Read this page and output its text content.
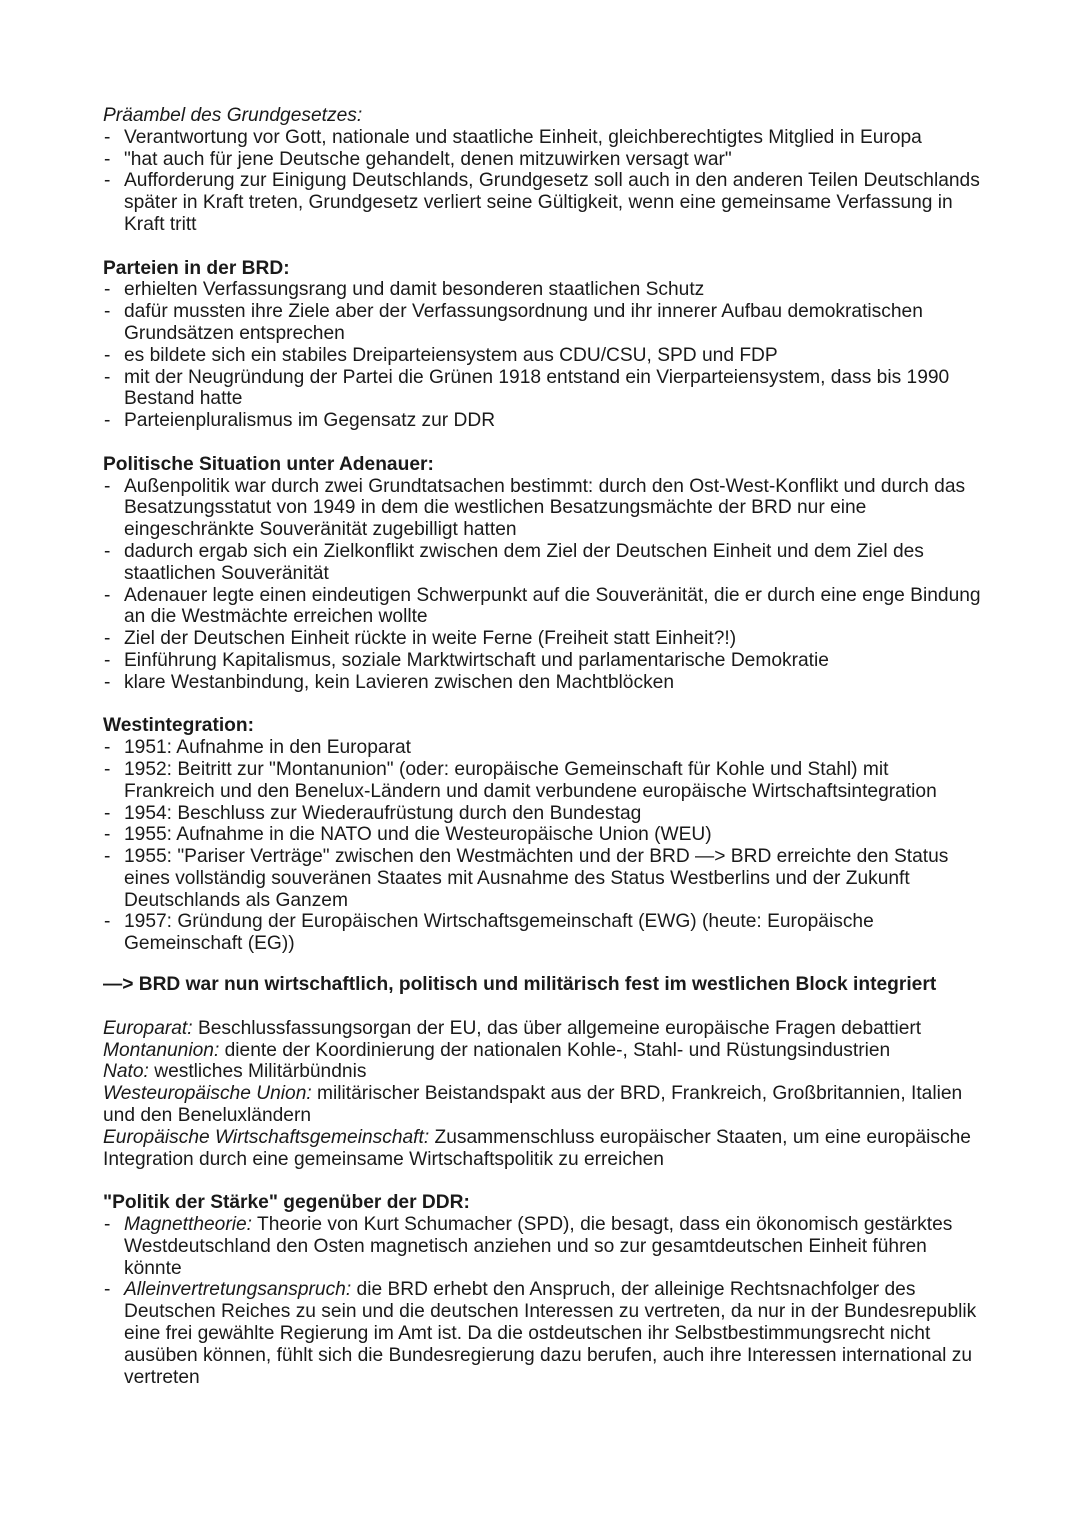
Präambel des Grundgesetzes:

- Verantwortung vor Gott, nationale und staatliche Einheit, gleichberechtigtes Mitglied in Europa
- "hat auch für jene Deutsche gehandelt, denen mitzuwirken versagt war"
- Aufforderung zur Einigung Deutschlands, Grundgesetz soll auch in den anderen Teilen Deutschlands später in Kraft treten, Grundgesetz verliert seine Gültigkeit, wenn eine gemeinsame Verfassung in Kraft tritt

Parteien in der BRD:

- erhielten Verfassungsrang und damit besonderen staatlichen Schutz
- dafür mussten ihre Ziele aber der Verfassungsordnung und ihr innerer Aufbau demokratischen Grundsätzen entsprechen
- es bildete sich ein stabiles Dreiparteiensystem aus CDU/CSU, SPD und FDP
- mit der Neugründung der Partei die Grünen 1918 entstand ein Vierparteiensystem, dass bis 1990 Bestand hatte
- Parteienpluralismus im Gegensatz zur DDR

Politische Situation unter Adenauer:

- Außenpolitik war durch zwei Grundtatsachen bestimmt: durch den Ost-West-Konflikt und durch das Besatzungsstatut von 1949 in dem die westlichen Besatzungsmächte der BRD nur eine eingeschränkte Souveränität zugebilligt hatten
- dadurch ergab sich ein Zielkonflikt zwischen dem Ziel der Deutschen Einheit und dem Ziel des staatlichen Souveränität
- Adenauer legte einen eindeutigen Schwerpunkt auf die Souveränität, die er durch eine enge Bindung an die Westmächte erreichen wollte
- Ziel der Deutschen Einheit rückte in weite Ferne (Freiheit statt Einheit?!)
- Einführung Kapitalismus, soziale Marktwirtschaft und parlamentarische Demokratie
- klare Westanbindung, kein Lavieren zwischen den Machtblöcken

Westintegration:

- 1951: Aufnahme in den Europarat
- 1952: Beitritt zur "Montanunion" (oder: europäische Gemeinschaft für Kohle und Stahl) mit Frankreich und den Benelux-Ländern und damit verbundene europäische Wirtschaftsintegration
- 1954: Beschluss zur Wiederaufrüstung durch den Bundestag
- 1955: Aufnahme in die NATO und die Westeuropäische Union (WEU)
- 1955: "Pariser Verträge" zwischen den Westmächten und der BRD —> BRD erreichte den Status eines vollständig souveränen Staates mit Ausnahme des Status Westberlins und der Zukunft Deutschlands als Ganzem
- 1957: Gründung der Europäischen Wirtschaftsgemeinschaft (EWG) (heute: Europäische Gemeinschaft (EG))

—> BRD war nun wirtschaftlich, politisch und militärisch fest im westlichen Block integriert

Europarat: Beschlussfassungsorgan der EU, das über allgemeine europäische Fragen debattiert

Montanunion: diente der Koordinierung der nationalen Kohle-, Stahl- und Rüstungsindustrien

Nato: westliches Militärbündnis

Westeuropäische Union: militärischer Beistandspakt aus der BRD, Frankreich, Großbritannien, Italien und den Beneluxländern

Europäische Wirtschaftsgemeinschaft: Zusammenschluss europäischer Staaten, um eine europäische Integration durch eine gemeinsame Wirtschaftspolitik zu erreichen

"Politik der Stärke" gegenüber der DDR:

- Magnettheorie: Theorie von Kurt Schumacher (SPD), die besagt, dass ein ökonomisch gestärktes Westdeutschland den Osten magnetisch anziehen und so zur gesamtdeutschen Einheit führen könnte
- Alleinvertretungsanspruch: die BRD erhebt den Anspruch, der alleinige Rechtsnachfolger des Deutschen Reiches zu sein und die deutschen Interessen zu vertreten, da nur in der Bundesrepublik eine frei gewählte Regierung im Amt ist. Da die ostdeutschen ihr Selbstbestimmungsrecht nicht ausüben können, fühlt sich die Bundesregierung dazu berufen, auch ihre Interessen international zu vertreten
